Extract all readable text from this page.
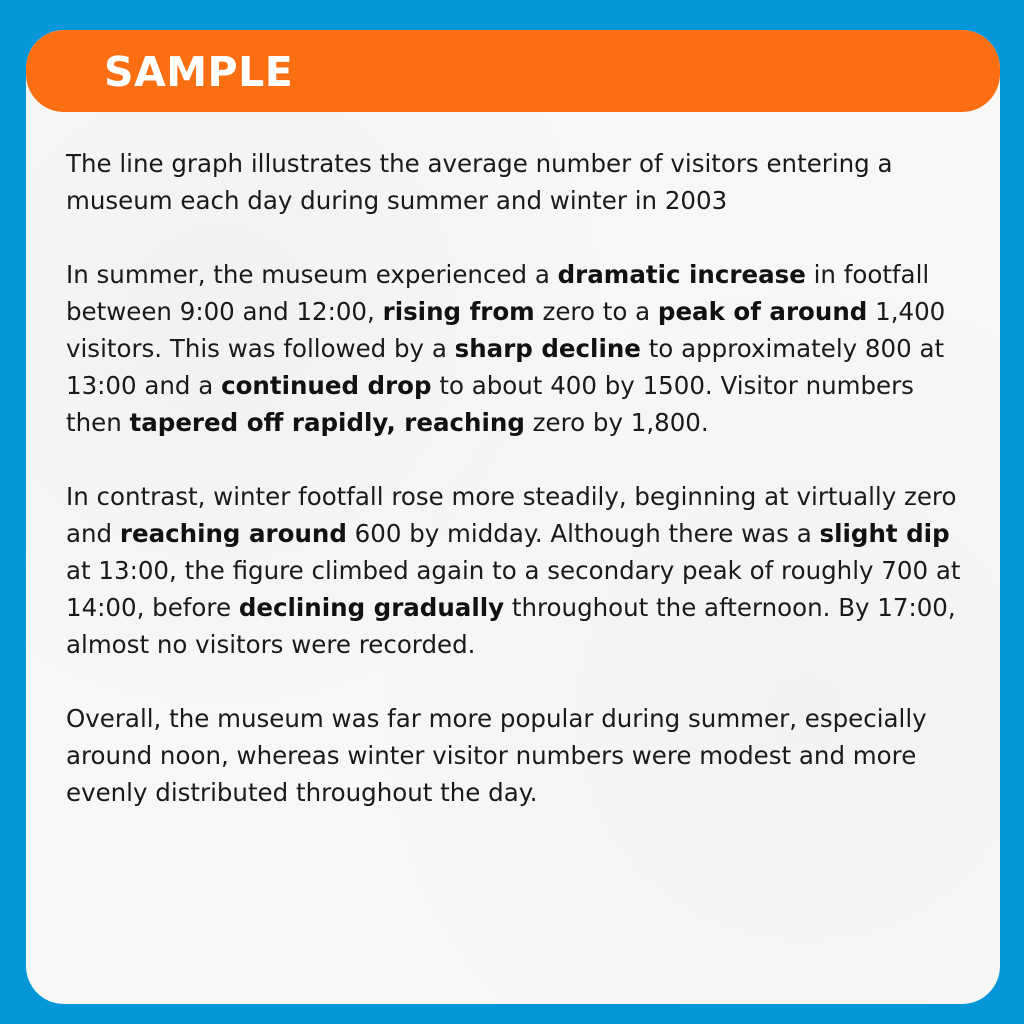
SAMPLE

The line graph illustrates the average number of visitors entering a museum each day during summer and winter in 2003

In summer, the museum experienced a dramatic increase in footfall between 9:00 and 12:00, rising from zero to a peak of around 1,400 visitors. This was followed by a sharp decline to approximately 800 at 13:00 and a continued drop to about 400 by 1500. Visitor numbers then tapered off rapidly, reaching zero by 1,800.

In contrast, winter footfall rose more steadily, beginning at virtually zero and reaching around 600 by midday. Although there was a slight dip at 13:00, the figure climbed again to a secondary peak of roughly 700 at 14:00, before declining gradually throughout the afternoon. By 17:00, almost no visitors were recorded.

Overall, the museum was far more popular during summer, especially around noon, whereas winter visitor numbers were modest and more evenly distributed throughout the day.
